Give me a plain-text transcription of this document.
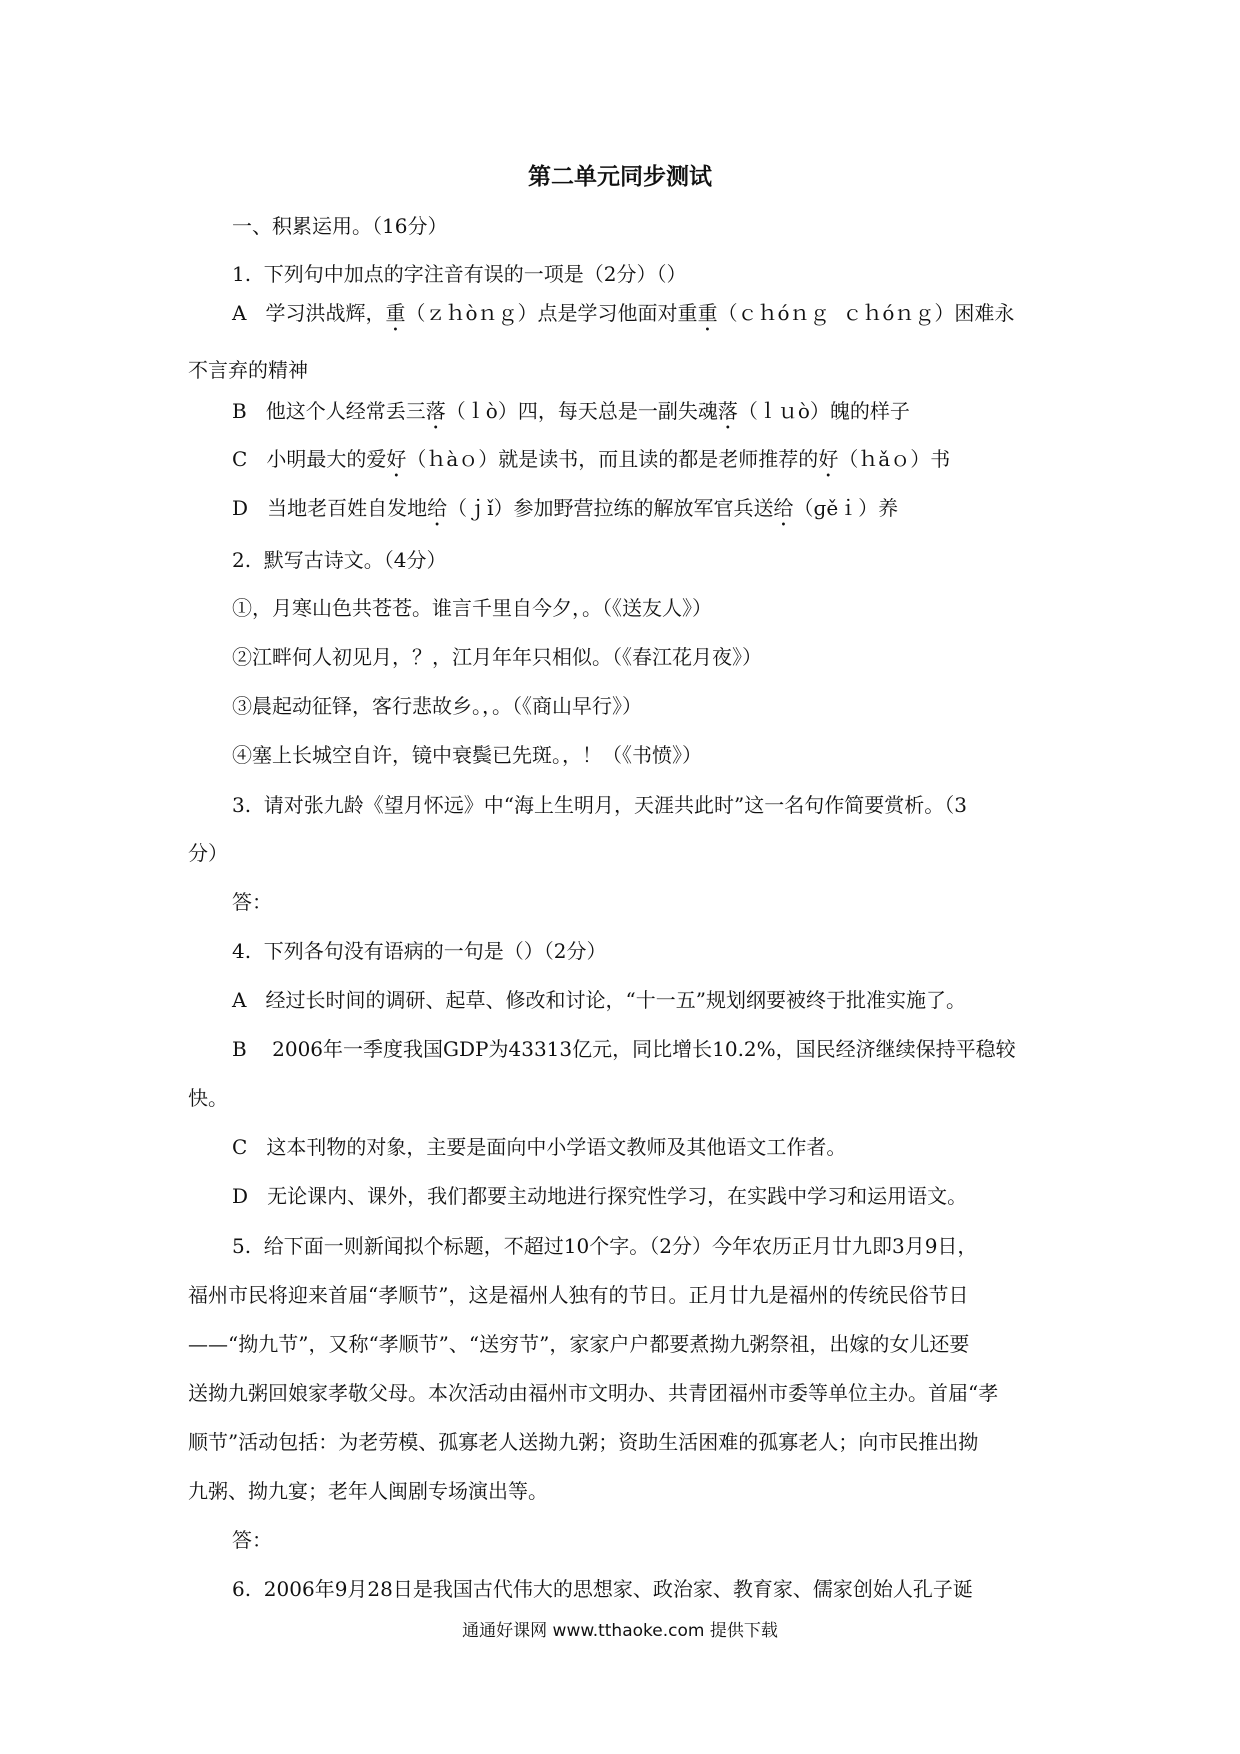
第二单元同步测试
一、积累运用。（16分）
1.  下列句中加点的字注音有误的一项是（2分）（）
A   学习洪战辉，重（ｚｈòｎｇ）点是学习他面对重重（ｃｈóｎｇ  ｃｈóｎｇ）困难永
不言弃的精神
B   他这个人经常丢三落（ｌò）四，每天总是一副失魂落（ｌｕò）魄的样子
C   小明最大的爱好（ｈàｏ）就是读书，而且读的都是老师推荐的好（ｈǎｏ）书
D   当地老百姓自发地给（ｊǐ）参加野营拉练的解放军官兵送给（ɡěｉ）养
2.  默写古诗文。（4分）
①，月寒山色共苍苍。谁言千里自今夕，。（《送友人》）
②江畔何人初见月，？，江月年年只相似。（《春江花月夜》）
③晨起动征铎，客行悲故乡。，。（《商山早行》）
④塞上长城空自许，镜中衰鬓已先斑。，！（《书愤》）
3.  请对张九龄《望月怀远》中“海上生明月，天涯共此时”这一名句作简要赏析。（3
分）
答：
4.  下列各句没有语病的一句是（）（2分）
A   经过长时间的调研、起草、修改和讨论，“十一五”规划纲要被终于批准实施了。
B    2006年一季度我国GDP为43313亿元，同比增长10.2%，国民经济继续保持平稳较
快。
C   这本刊物的对象，主要是面向中小学语文教师及其他语文工作者。
D   无论课内、课外，我们都要主动地进行探究性学习，在实践中学习和运用语文。
5.  给下面一则新闻拟个标题，不超过10个字。（2分）今年农历正月廿九即3月9日，
福州市民将迎来首届“孝顺节”，这是福州人独有的节日。正月廿九是福州的传统民俗节日
——“拗九节”，又称“孝顺节”、“送穷节”，家家户户都要煮拗九粥祭祖，出嫁的女儿还要
送拗九粥回娘家孝敬父母。本次活动由福州市文明办、共青团福州市委等单位主办。首届“孝
顺节”活动包括：为老劳模、孤寡老人送拗九粥；资助生活困难的孤寡老人；向市民推出拗
九粥、拗九宴；老年人闽剧专场演出等。
答：
6.  2006年9月28日是我国古代伟大的思想家、政治家、教育家、儒家创始人孔子诞
通通好课网 www.tthaoke.com 提供下载
